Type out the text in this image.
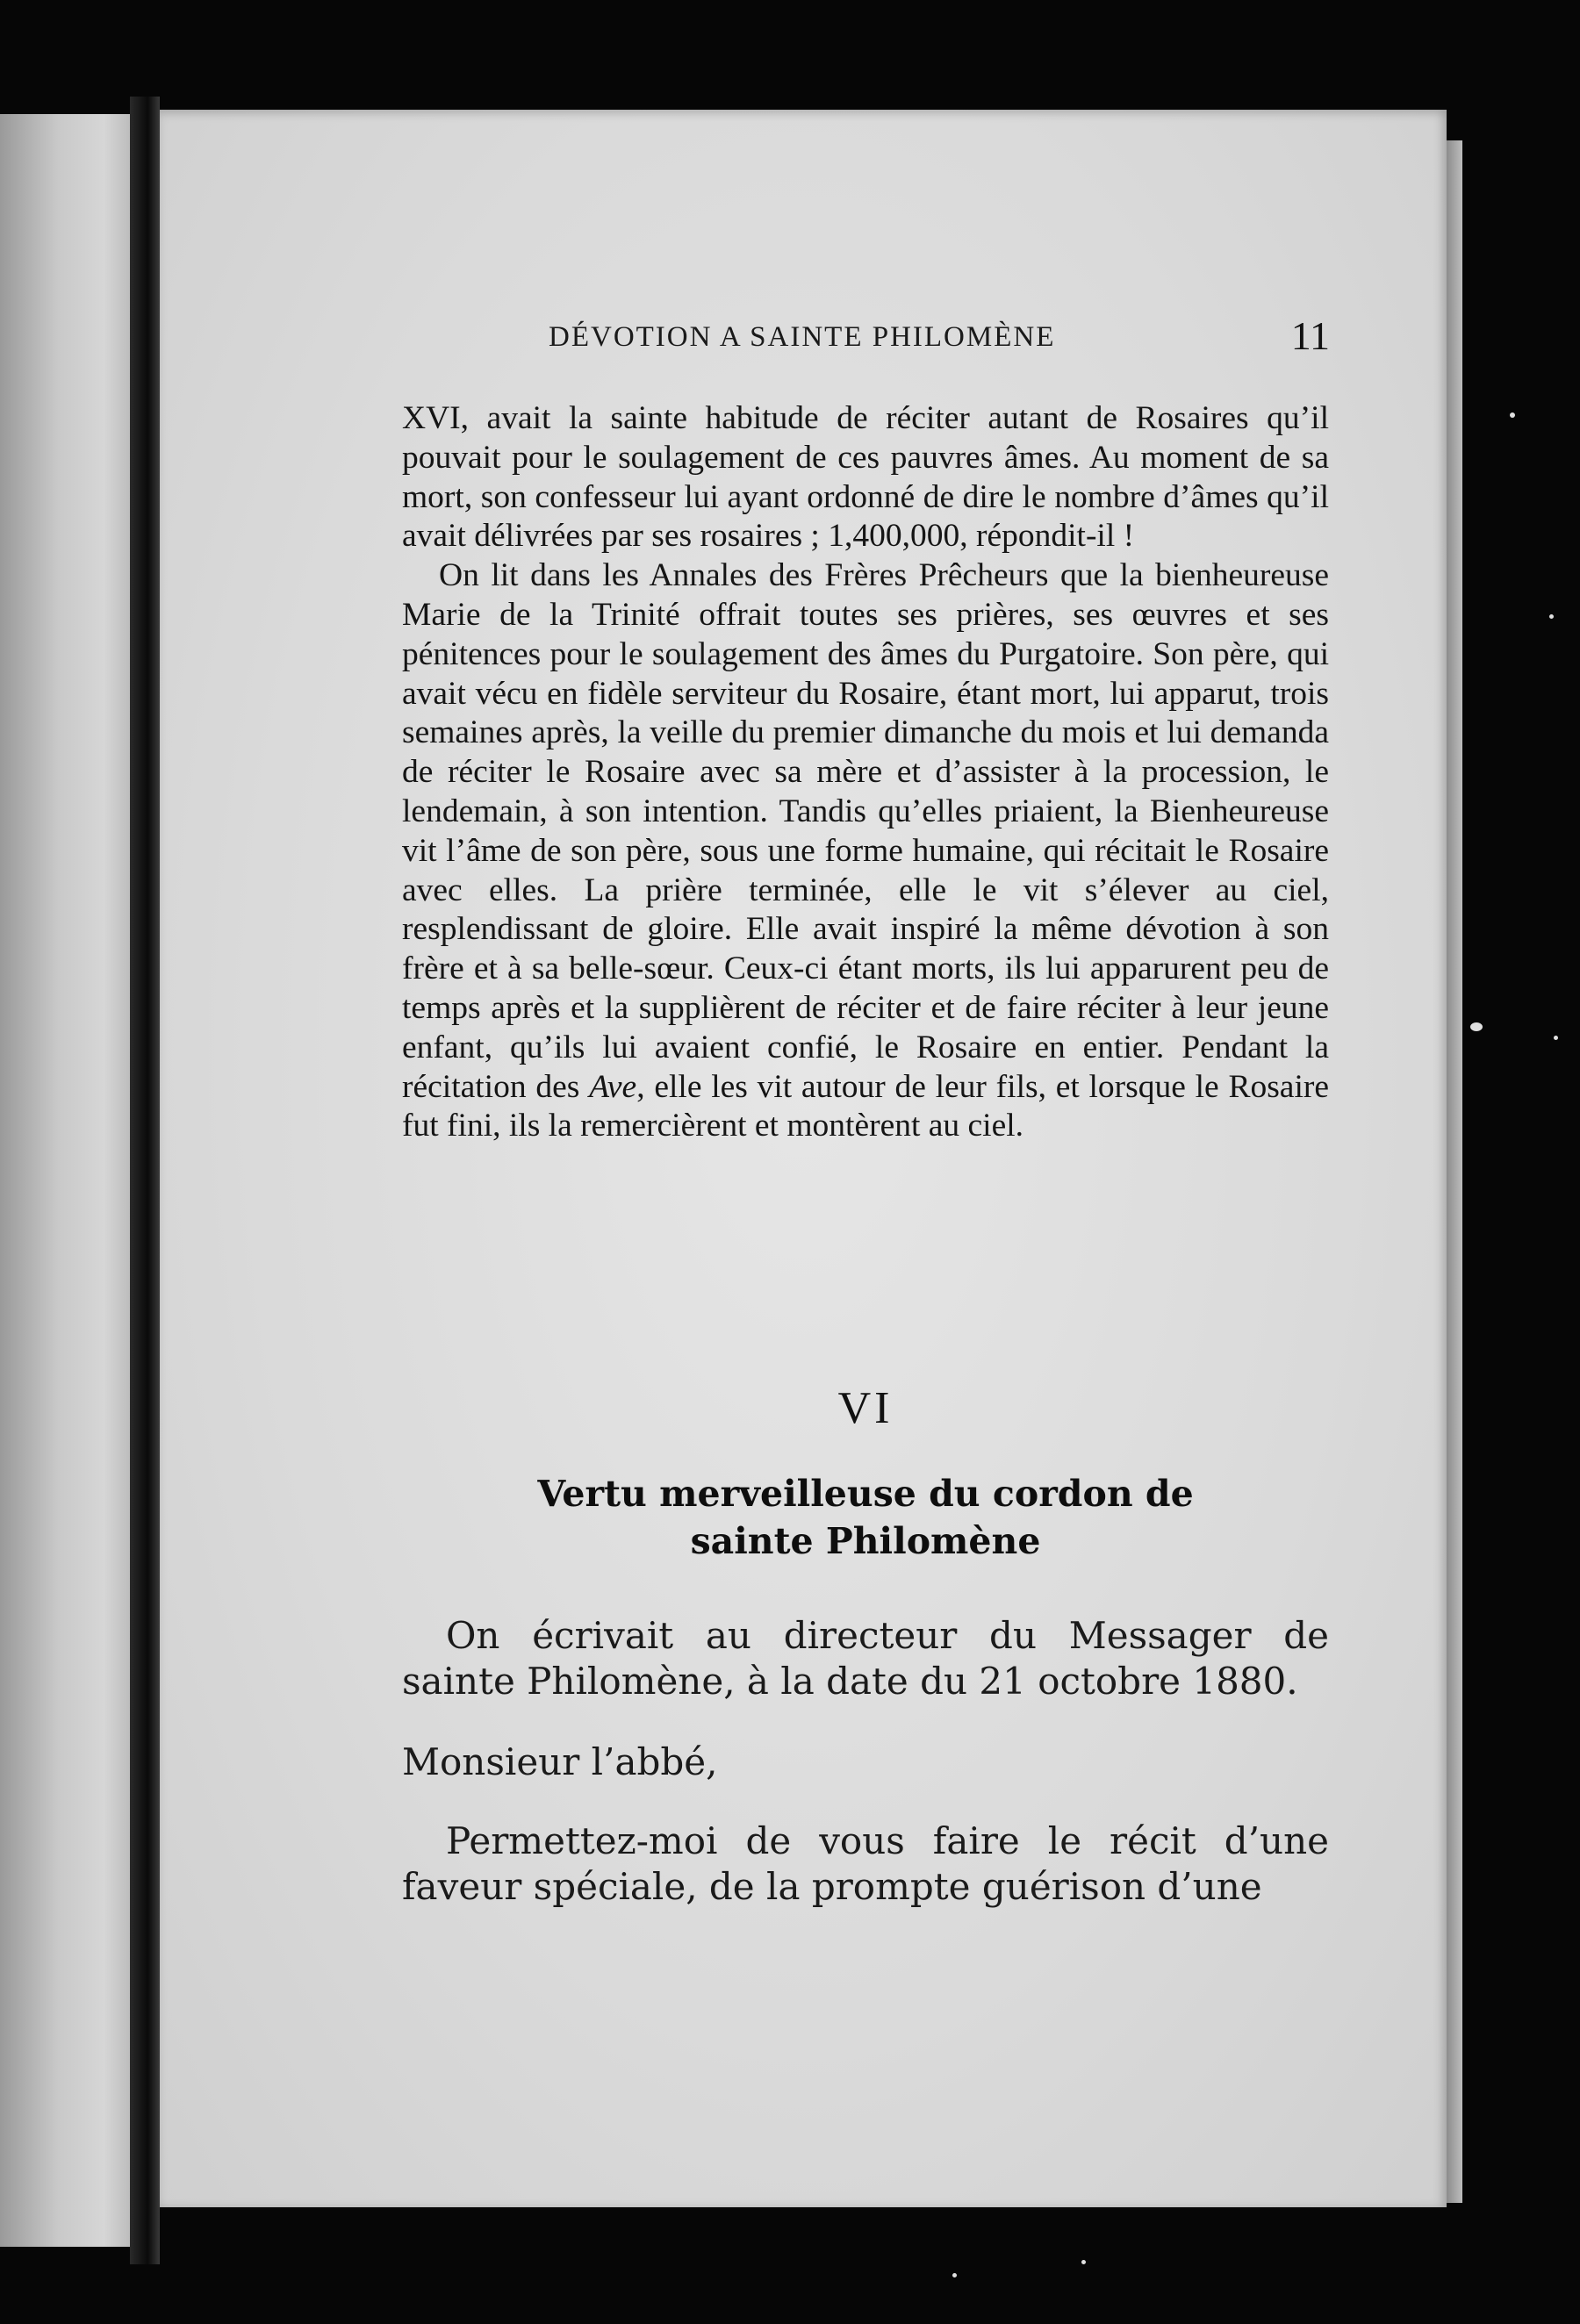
DÉVOTION A SAINTE PHILOMÈNE	11

XVI, avait la sainte habitude de réciter autant de Rosaires qu’il pouvait pour le soulagement de ces pauvres âmes. Au moment de sa mort, son confesseur lui ayant ordonné de dire le nombre d’âmes qu’il avait délivrées par ses rosaires ; 1,400,000, répondit-il !

On lit dans les Annales des Frères Prêcheurs que la bienheureuse Marie de la Trinité offrait toutes ses prières, ses œuvres et ses pénitences pour le soulagement des âmes du Purgatoire. Son père, qui avait vécu en fidèle serviteur du Rosaire, étant mort, lui apparut, trois semaines après, la veille du premier dimanche du mois et lui demanda de réciter le Rosaire avec sa mère et d’assister à la procession, le lendemain, à son intention. Tandis qu’elles priaient, la Bienheureuse vit l’âme de son père, sous une forme humaine, qui récitait le Rosaire avec elles. La prière terminée, elle le vit s’élever au ciel, resplendissant de gloire. Elle avait inspiré la même dévotion à son frère et à sa belle-sœur. Ceux-ci étant morts, ils lui apparurent peu de temps après et la supplièrent de réciter et de faire réciter à leur jeune enfant, qu’ils lui avaient confié, le Rosaire en entier. Pendant la récitation des Ave, elle les vit autour de leur fils, et lorsque le Rosaire fut fini, ils la remercièrent et montèrent au ciel.

VI
Vertu merveilleuse du cordon de
sainte Philomène

On écrivait au directeur du Messager de sainte Philomène, à la date du 21 octobre 1880.

Monsieur l’abbé,

Permettez-moi de vous faire le récit d’une faveur spéciale, de la prompte guérison d’une
